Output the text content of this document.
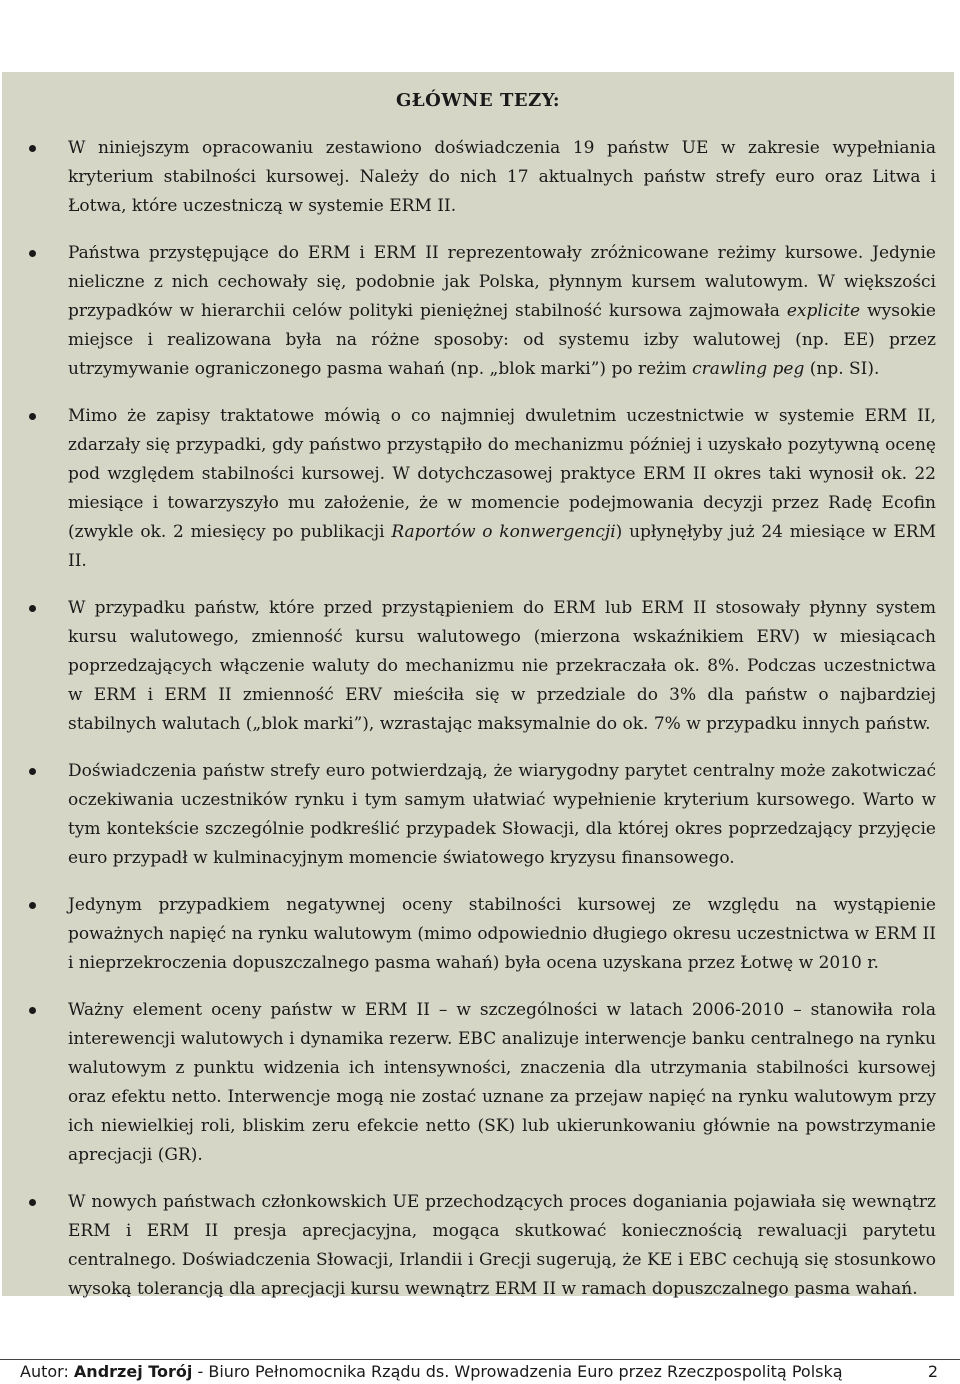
GŁÓWNE TEZY:
W niniejszym opracowaniu zestawiono doświadczenia 19 państw UE w zakresie wypełniania kryterium stabilności kursowej. Należy do nich 17 aktualnych państw strefy euro oraz Litwa i Łotwa, które uczestniczą w systemie ERM II.
Państwa przystępujące do ERM i ERM II reprezentowały zróżnicowane reżimy kursowe. Jedynie nieliczne z nich cechowały się, podobnie jak Polska, płynnym kursem walutowym. W większości przypadków w hierarchii celów polityki pieniężnej stabilność kursowa zajmowała explicite wysokie miejsce i realizowana była na różne sposoby: od systemu izby walutowej (np. EE) przez utrzymywanie ograniczonego pasma wahań (np. „blok marki”) po reżim crawling peg (np. SI).
Mimo że zapisy traktatowe mówią o co najmniej dwuletnim uczestnictwie w systemie ERM II, zdarzały się przypadki, gdy państwo przystąpiło do mechanizmu później i uzyskało pozytywną ocenę pod względem stabilności kursowej. W dotychczasowej praktyce ERM II okres taki wynosił ok. 22 miesiące i towarzyszyło mu założenie, że w momencie podejmowania decyzji przez Radę Ecofin (zwykle ok. 2 miesięcy po publikacji Raportów o konwergencji) upłynęłyby już 24 miesiące w ERM II.
W przypadku państw, które przed przystąpieniem do ERM lub ERM II stosowały płynny system kursu walutowego, zmienność kursu walutowego (mierzona wskaźnikiem ERV) w miesiącach poprzedzających włączenie waluty do mechanizmu nie przekraczała ok. 8%. Podczas uczestnictwa w ERM i ERM II zmienność ERV mieściła się w przedziale do 3% dla państw o najbardziej stabilnych walutach („blok marki”), wzrastając maksymalnie do ok. 7% w przypadku innych państw.
Doświadczenia państw strefy euro potwierdzają, że wiarygodny parytet centralny może zakotwiczać oczekiwania uczestników rynku i tym samym ułatwiać wypełnienie kryterium kursowego. Warto w tym kontekście szczególnie podkreślić przypadek Słowacji, dla której okres poprzedzający przyjęcie euro przypadł w kulminacyjnym momencie światowego kryzysu finansowego.
Jedynym przypadkiem negatywnej oceny stabilności kursowej ze względu na wystąpienie poważnych napięć na rynku walutowym (mimo odpowiednio długiego okresu uczestnictwa w ERM II i nieprzekroczenia dopuszczalnego pasma wahań) była ocena uzyskana przez Łotwę w 2010 r.
Ważny element oceny państw w ERM II – w szczególności w latach 2006-2010 – stanowiła rola interewencji walutowych i dynamika rezerw. EBC analizuje interwencje banku centralnego na rynku walutowym z punktu widzenia ich intensywności, znaczenia dla utrzymania stabilności kursowej oraz efektu netto. Interwencje mogą nie zostać uznane za przejaw napięć na rynku walutowym przy ich niewielkiej roli, bliskim zeru efekcie netto (SK) lub ukierunkowaniu głównie na powstrzymanie aprecjacji (GR).
W nowych państwach członkowskich UE przechodzących proces doganiania pojawiała się wewnątrz ERM i ERM II presja aprecjacyjna, mogąca skutkować koniecznością rewaluacji parytetu centralnego. Doświadczenia Słowacji, Irlandii i Grecji sugerują, że KE i EBC cechują się stosunkowo wysoką tolerancją dla aprecjacji kursu wewnątrz ERM II w ramach dopuszczalnego pasma wahań.
Autor: Andrzej Torój - Biuro Pełnomocnika Rządu ds. Wprowadzenia Euro przez Rzeczpospolitą Polską	2
